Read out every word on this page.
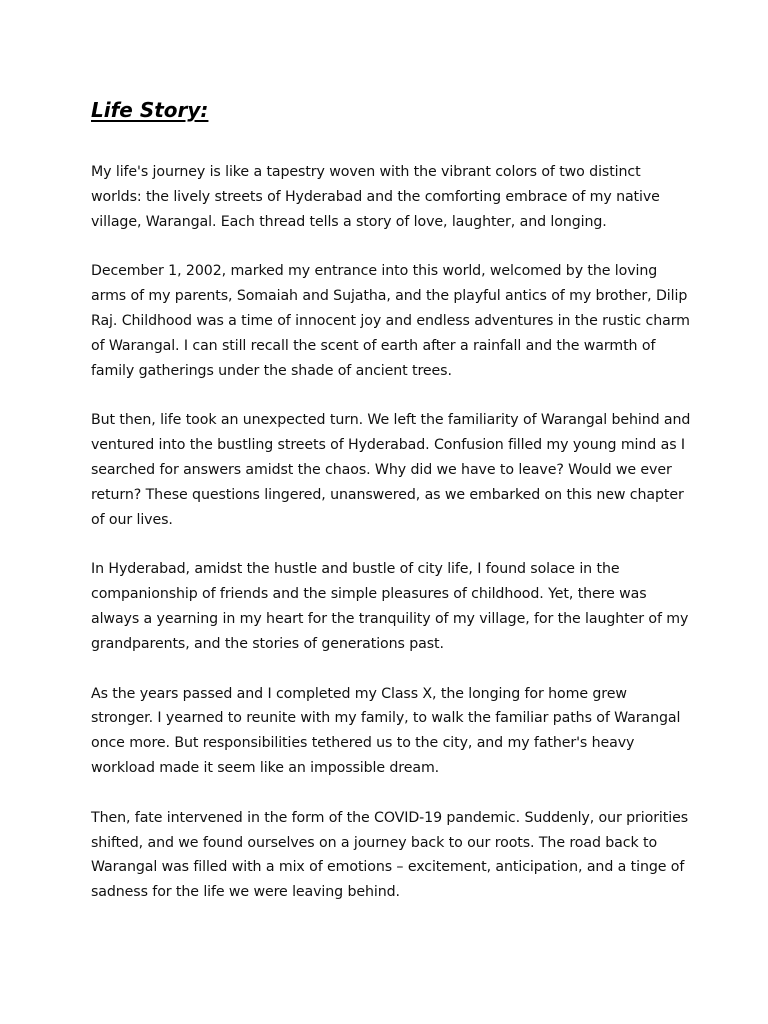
Life Story:

My life's journey is like a tapestry woven with the vibrant colors of two distinct worlds: the lively streets of Hyderabad and the comforting embrace of my native village, Warangal. Each thread tells a story of love, laughter, and longing.

December 1, 2002, marked my entrance into this world, welcomed by the loving arms of my parents, Somaiah and Sujatha, and the playful antics of my brother, Dilip Raj. Childhood was a time of innocent joy and endless adventures in the rustic charm of Warangal. I can still recall the scent of earth after a rainfall and the warmth of family gatherings under the shade of ancient trees.

But then, life took an unexpected turn. We left the familiarity of Warangal behind and ventured into the bustling streets of Hyderabad. Confusion filled my young mind as I searched for answers amidst the chaos. Why did we have to leave? Would we ever return? These questions lingered, unanswered, as we embarked on this new chapter of our lives.

In Hyderabad, amidst the hustle and bustle of city life, I found solace in the companionship of friends and the simple pleasures of childhood. Yet, there was always a yearning in my heart for the tranquility of my village, for the laughter of my grandparents, and the stories of generations past.

As the years passed and I completed my Class X, the longing for home grew stronger. I yearned to reunite with my family, to walk the familiar paths of Warangal once more. But responsibilities tethered us to the city, and my father's heavy workload made it seem like an impossible dream.

Then, fate intervened in the form of the COVID-19 pandemic. Suddenly, our priorities shifted, and we found ourselves on a journey back to our roots. The road back to Warangal was filled with a mix of emotions – excitement, anticipation, and a tinge of sadness for the life we were leaving behind.
